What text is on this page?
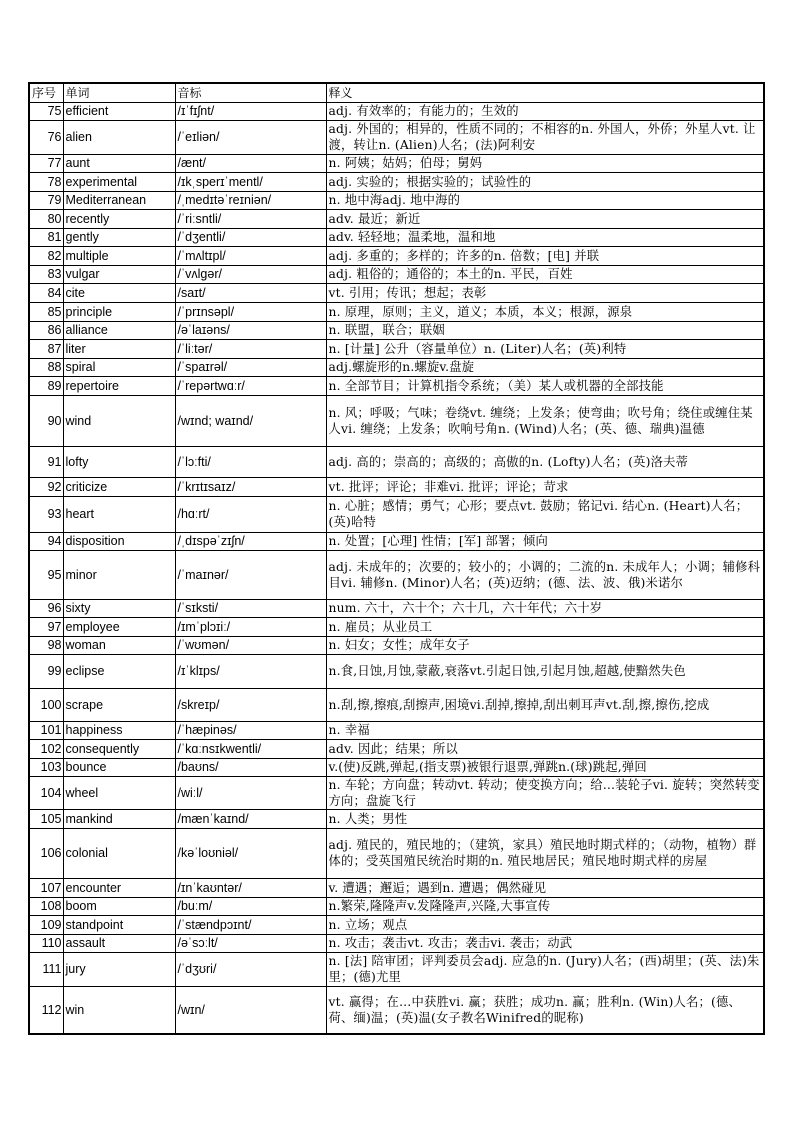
序号	单词	音标	释义
75	efficient	/ɪˈfɪʃnt/	adj. 有效率的；有能力的；生效的
76	alien	/ˈeɪliən/	adj. 外国的；相异的，性质不同的；不相容的n. 外国人，外侨；外星人vt. 让渡，转让n. (Alien)人名；(法)阿利安
77	aunt	/ænt/	n. 阿姨；姑妈；伯母；舅妈
78	experimental	/ɪkˌsperɪˈmentl/	adj. 实验的；根据实验的；试验性的
79	Mediterranean	/ˌmedɪtəˈreɪniən/	n. 地中海adj. 地中海的
80	recently	/ˈriːsntli/	adv. 最近；新近
81	gently	/ˈdʒentli/	adv. 轻轻地；温柔地，温和地
82	multiple	/ˈmʌltɪpl/	adj. 多重的；多样的；许多的n. 倍数；[电] 并联
83	vulgar	/ˈvʌlɡər/	adj. 粗俗的；通俗的；本土的n. 平民，百姓
84	cite	/saɪt/	vt. 引用；传讯；想起；表彰
85	principle	/ˈprɪnsəpl/	n. 原理，原则；主义，道义；本质，本义；根源，源泉
86	alliance	/əˈlaɪəns/	n. 联盟，联合；联姻
87	liter	/ˈliːtər/	n. [计量] 公升（容量单位）n. (Liter)人名；(英)利特
88	spiral	/ˈspaɪrəl/	adj.螺旋形的n.螺旋v.盘旋
89	repertoire	/ˈrepərtwɑːr/	n. 全部节目；计算机指令系统；（美）某人或机器的全部技能
90	wind	/wɪnd; waɪnd/	n. 风；呼吸；气味；卷绕vt. 缠绕；上发条；使弯曲；吹号角；绕住或缠住某人vi. 缠绕；上发条；吹响号角n. (Wind)人名；(英、德、瑞典)温德
91	lofty	/ˈlɔːfti/	adj. 高的；崇高的；高级的；高傲的n. (Lofty)人名；(英)洛夫蒂
92	criticize	/ˈkrɪtɪsaɪz/	vt. 批评；评论；非难vi. 批评；评论；苛求
93	heart	/hɑːrt/	n. 心脏；感情；勇气；心形；要点vt. 鼓励；铭记vi. 结心n. (Heart)人名；(英)哈特
94	disposition	/ˌdɪspəˈzɪʃn/	n. 处置；[心理] 性情；[军] 部署；倾向
95	minor	/ˈmaɪnər/	adj. 未成年的；次要的；较小的；小调的；二流的n. 未成年人；小调；辅修科目vi. 辅修n. (Minor)人名；(英)迈纳；(德、法、波、俄)米诺尔
96	sixty	/ˈsɪksti/	num. 六十，六十个；六十几，六十年代；六十岁
97	employee	/ɪmˈplɔɪiː/	n. 雇员；从业员工
98	woman	/ˈwʊmən/	n. 妇女；女性；成年女子
99	eclipse	/ɪˈklɪps/	n.食,日蚀,月蚀,蒙蔽,衰落vt.引起日蚀,引起月蚀,超越,使黯然失色
100	scrape	/skreɪp/	n.刮,擦,擦痕,刮擦声,困境vi.刮掉,擦掉,刮出刺耳声vt.刮,擦,擦伤,挖成
101	happiness	/ˈhæpinəs/	n. 幸福
102	consequently	/ˈkɑːnsɪkwentli/	adv. 因此；结果；所以
103	bounce	/baʊns/	v.(使)反跳,弹起,(指支票)被银行退票,弹跳n.(球)跳起,弹回
104	wheel	/wiːl/	n. 车轮；方向盘；转动vt. 转动；使变换方向；给…装轮子vi. 旋转；突然转变方向；盘旋飞行
105	mankind	/mænˈkaɪnd/	n. 人类；男性
106	colonial	/kəˈloʊniəl/	adj. 殖民的，殖民地的；（建筑，家具）殖民地时期式样的；（动物，植物）群体的；受英国殖民统治时期的n. 殖民地居民；殖民地时期式样的房屋
107	encounter	/ɪnˈkaʊntər/	v. 遭遇；邂逅；遇到n. 遭遇；偶然碰见
108	boom	/buːm/	n.繁荣,隆隆声v.发隆隆声,兴隆,大事宣传
109	standpoint	/ˈstændpɔɪnt/	n. 立场；观点
110	assault	/əˈsɔːlt/	n. 攻击；袭击vt. 攻击；袭击vi. 袭击；动武
111	jury	/ˈdʒʊri/	n. [法] 陪审团；评判委员会adj. 应急的n. (Jury)人名；(西)胡里；(英、法)朱里；(德)尤里
112	win	/wɪn/	vt. 赢得；在…中获胜vi. 赢；获胜；成功n. 赢；胜利n. (Win)人名；(德、荷、缅)温；(英)温(女子教名Winifred的昵称)
